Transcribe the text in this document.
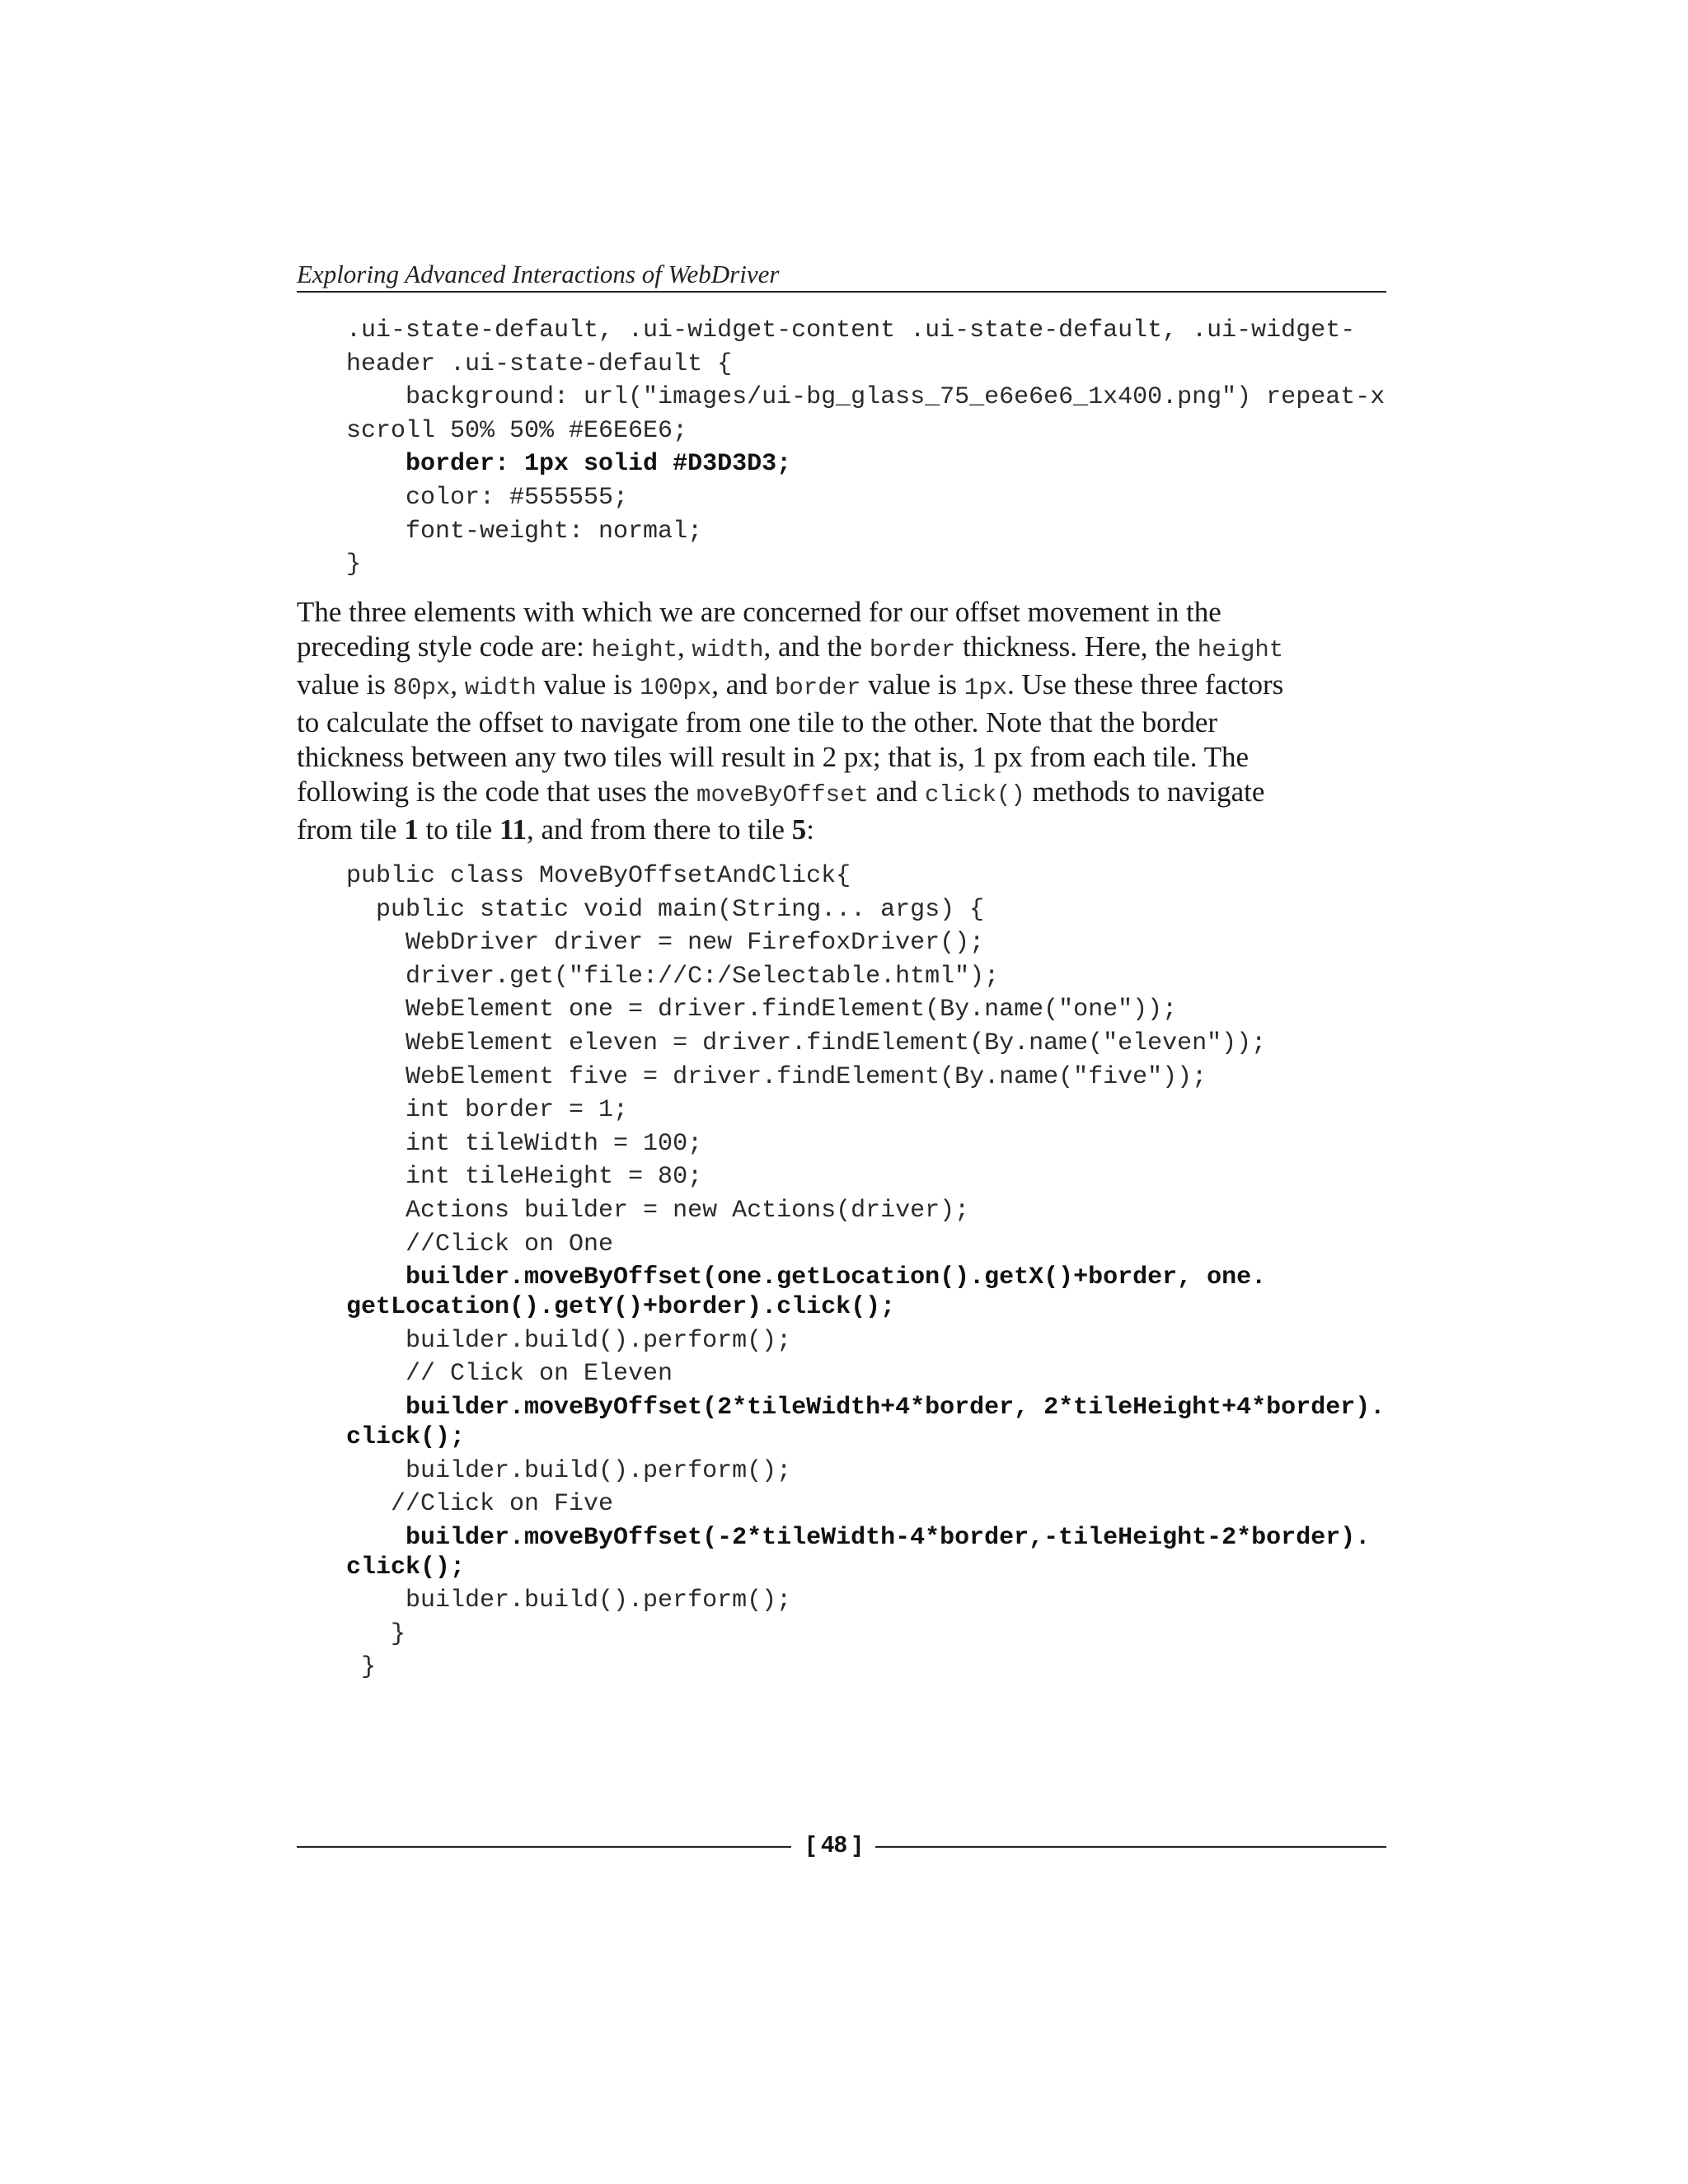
Exploring Advanced Interactions of WebDriver
.ui-state-default, .ui-widget-content .ui-state-default, .ui-widget-
header .ui-state-default {
background: url("images/ui-bg_glass_75_e6e6e6_1x400.png") repeat-x
scroll 50% 50% #E6E6E6;
border: 1px solid #D3D3D3;
color: #555555;
font-weight: normal;
}

The three elements with which we are concerned for our offset movement in the
preceding style code are: height, width, and the border thickness. Here, the height
value is 80px, width value is 100px, and border value is 1px. Use these three factors
to calculate the offset to navigate from one tile to the other. Note that the border
thickness between any two tiles will result in 2 px; that is, 1 px from each tile. The
following is the code that uses the moveByOffset and click() methods to navigate
from tile 1 to tile 11, and from there to tile 5:

public class MoveByOffsetAndClick{
public static void main(String... args) {
WebDriver driver = new FirefoxDriver();
driver.get("file://C:/Selectable.html");
WebElement one = driver.findElement(By.name("one"));
WebElement eleven = driver.findElement(By.name("eleven"));
WebElement five = driver.findElement(By.name("five"));
int border = 1;
int tileWidth = 100;
int tileHeight = 80;
Actions builder = new Actions(driver);
//Click on One
builder.moveByOffset(one.getLocation().getX()+border, one.
getLocation().getY()+border).click();
builder.build().perform();
// Click on Eleven
builder.moveByOffset(2*tileWidth+4*border, 2*tileHeight+4*border).
click();
builder.build().perform();
//Click on Five
builder.moveByOffset(-2*tileWidth-4*border,-tileHeight-2*border).
click();
builder.build().perform();
}
}
[ 48 ]
